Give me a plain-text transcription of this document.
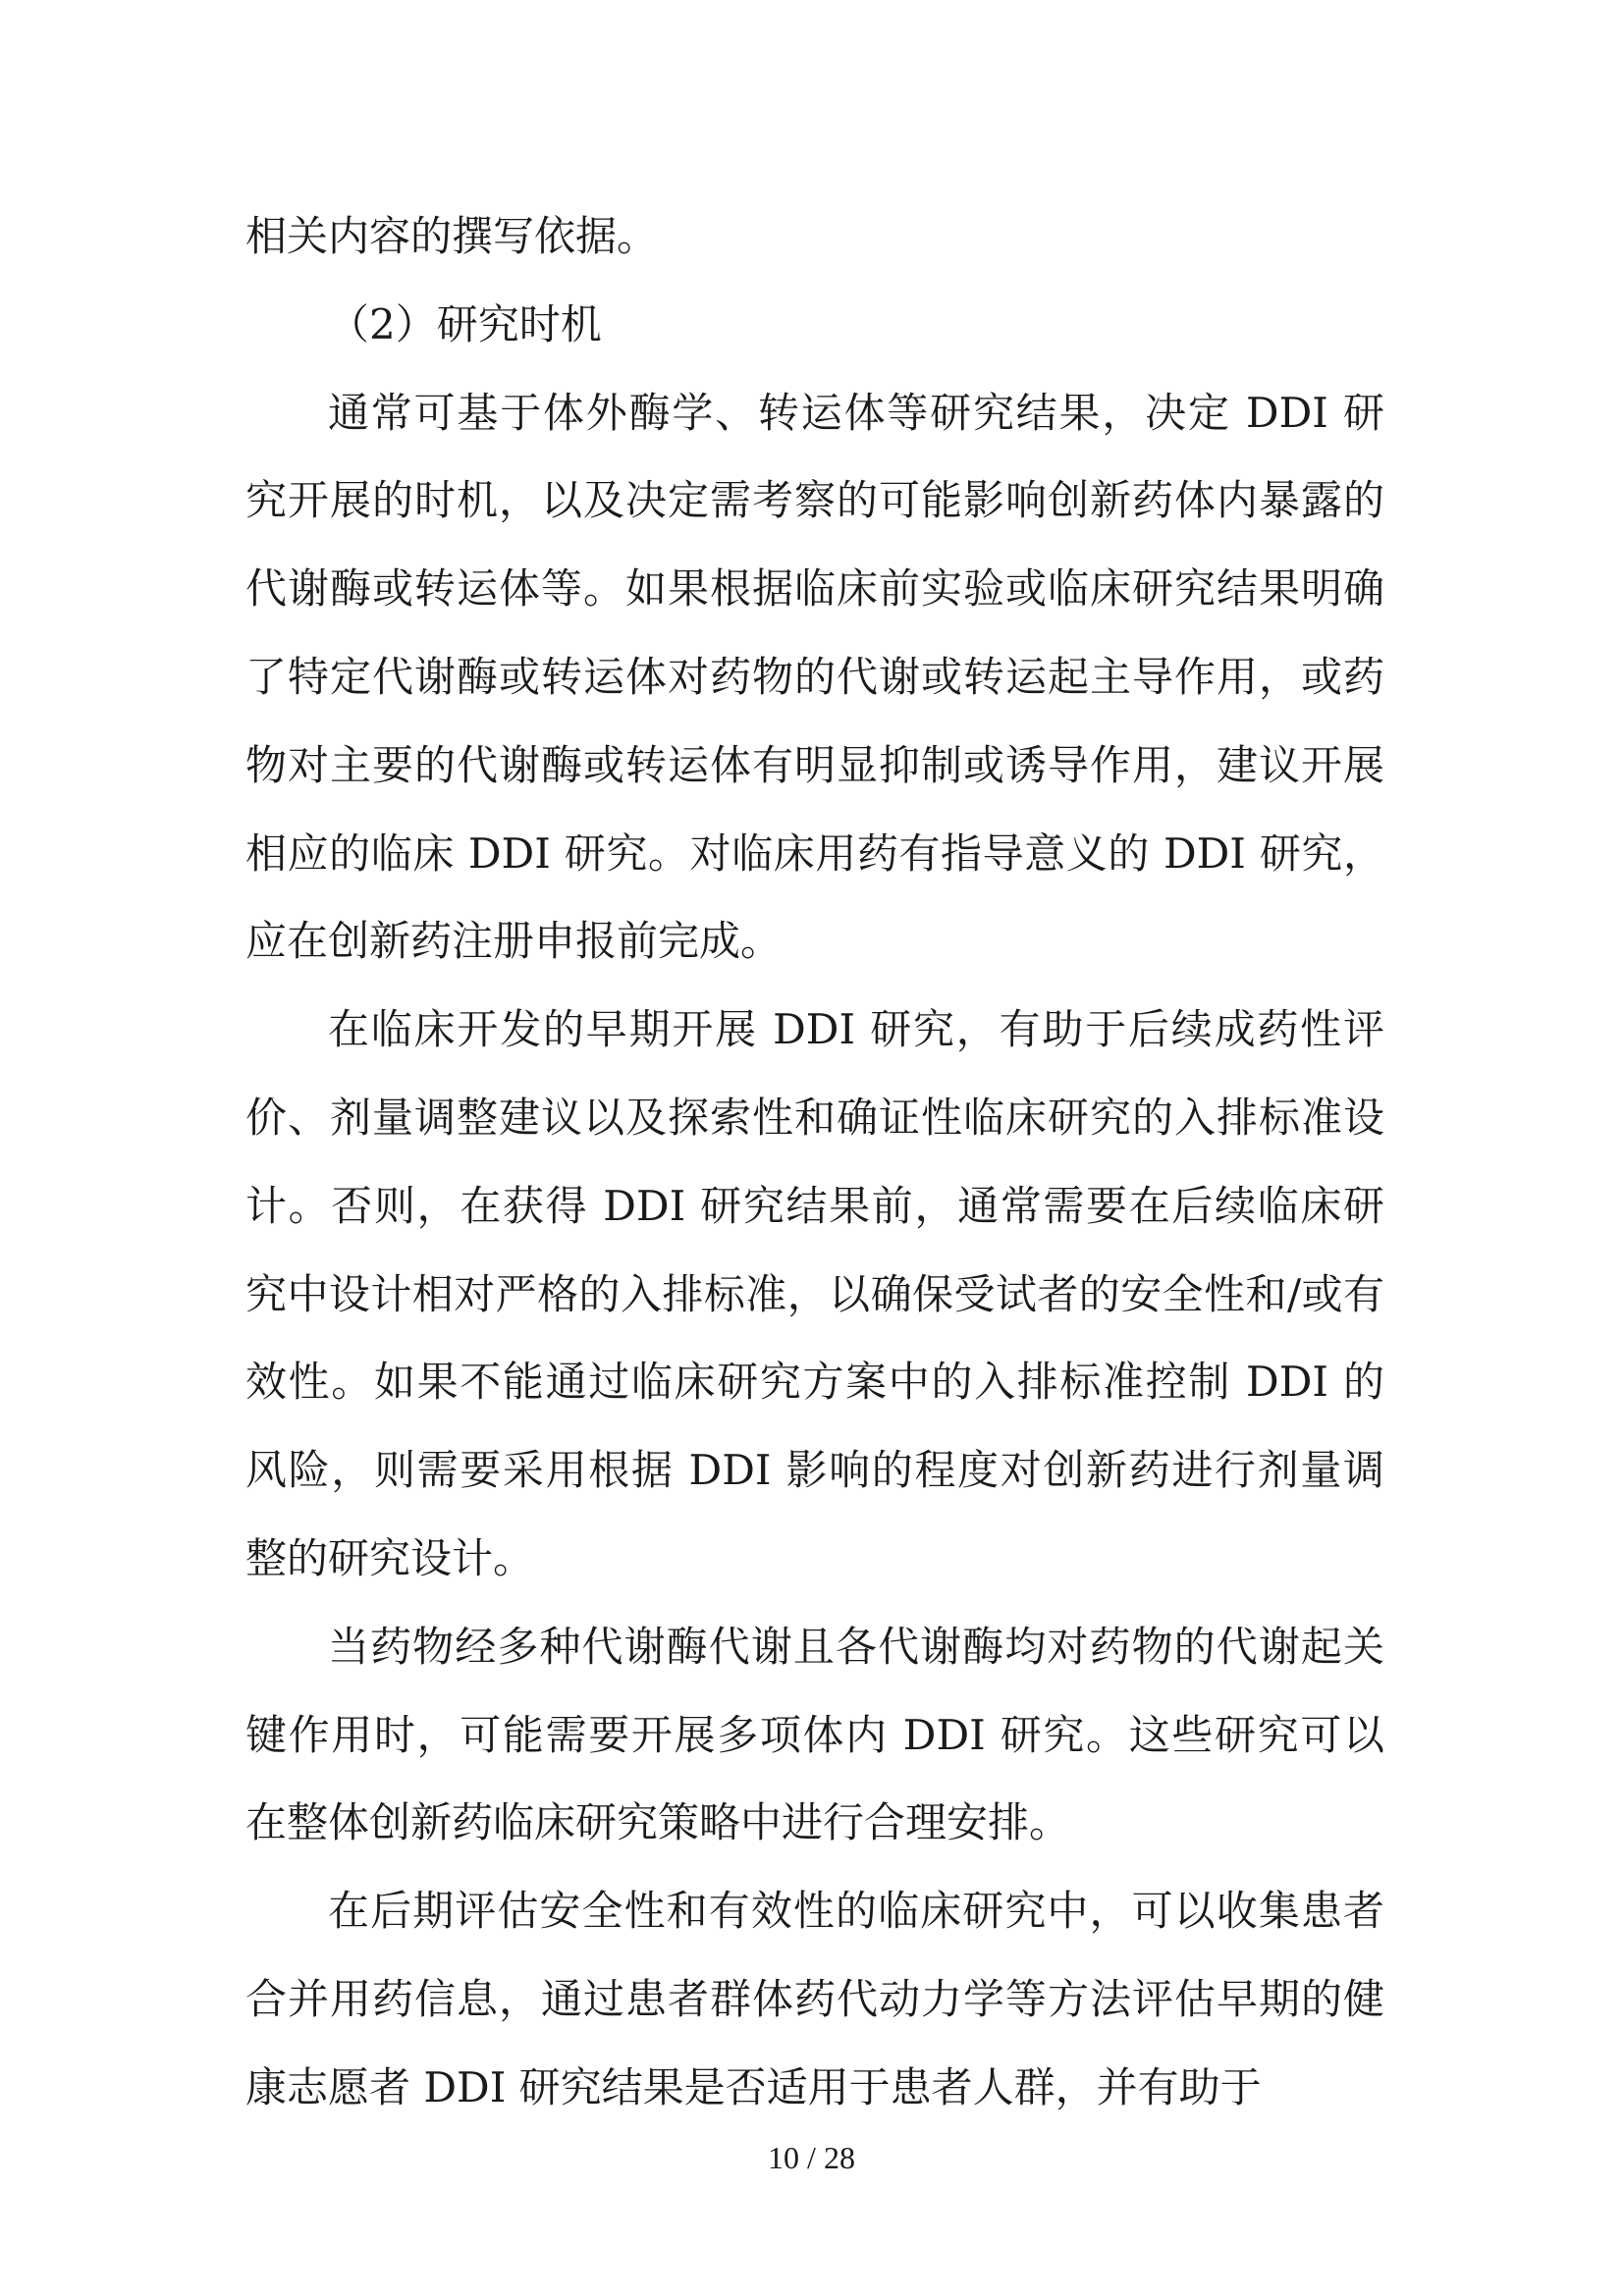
相关内容的撰写依据。

（2）研究时机

通常可基于体外酶学、转运体等研究结果，决定 DDI 研究开展的时机，以及决定需考察的可能影响创新药体内暴露的代谢酶或转运体等。如果根据临床前实验或临床研究结果明确了特定代谢酶或转运体对药物的代谢或转运起主导作用，或药物对主要的代谢酶或转运体有明显抑制或诱导作用，建议开展相应的临床 DDI 研究。对临床用药有指导意义的 DDI 研究，应在创新药注册申报前完成。

在临床开发的早期开展 DDI 研究，有助于后续成药性评价、剂量调整建议以及探索性和确证性临床研究的入排标准设计。否则，在获得 DDI 研究结果前，通常需要在后续临床研究中设计相对严格的入排标准，以确保受试者的安全性和/或有效性。如果不能通过临床研究方案中的入排标准控制 DDI 的风险，则需要采用根据 DDI 影响的程度对创新药进行剂量调整的研究设计。

当药物经多种代谢酶代谢且各代谢酶均对药物的代谢起关键作用时，可能需要开展多项体内 DDI 研究。这些研究可以在整体创新药临床研究策略中进行合理安排。

在后期评估安全性和有效性的临床研究中，可以收集患者合并用药信息，通过患者群体药代动力学等方法评估早期的健康志愿者 DDI 研究结果是否适用于患者人群，并有助于

10 / 28
